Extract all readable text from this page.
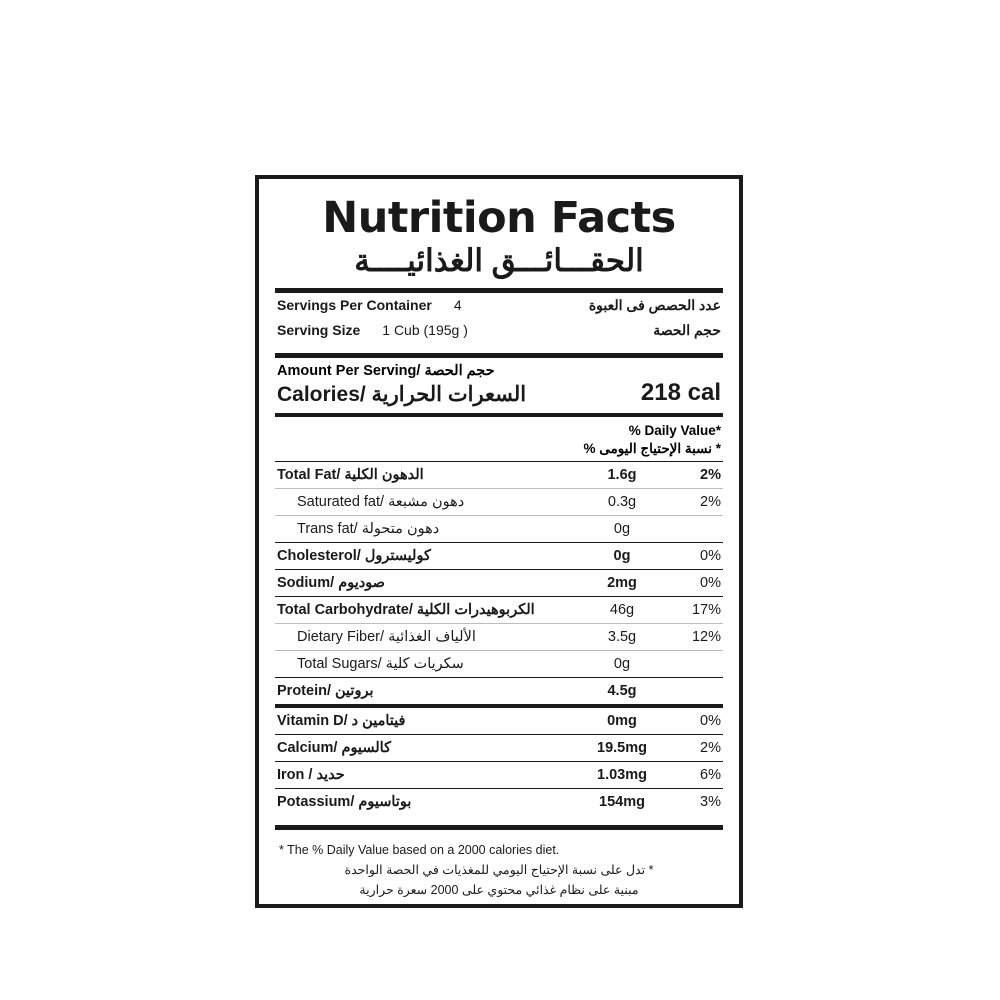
Nutrition Facts
الحقـــائـــق الغذائيــــة
Servings Per Container 4	عدد الحصص فى العبوة
Serving Size 1 Cub (195g )	حجم الحصة
Amount Per Serving/ حجم الحصة
Calories/ السعرات الحرارية	218 cal
% Daily Value*
* نسبة الإحتياج اليومى %
Total Fat/ الدهون الكلية	1.6g	2%
Saturated fat/ دهون مشبعة	0.3g	2%
Trans fat/ دهون متحولة	0g
Cholesterol/ كوليسترول	0g	0%
Sodium/ صوديوم	2mg	0%
Total Carbohydrate/ الكربوهيدرات الكلية	46g	17%
Dietary Fiber/ الألياف الغذائية	3.5g	12%
Total Sugars/ سكريات كلية	0g
Protein/ بروتين	4.5g
Vitamin D/ فيتامين د	0mg	0%
Calcium/ كالسيوم	19.5mg	2%
Iron / حديد	1.03mg	6%
Potassium/ بوتاسيوم	154mg	3%
* The % Daily Value based on a 2000 calories diet.
* تدل على نسبة الإحتياج اليومي للمغذيات في الحصة الواحدة
مبنية على نظام غذائي محتوي على 2000 سعرة حرارية
